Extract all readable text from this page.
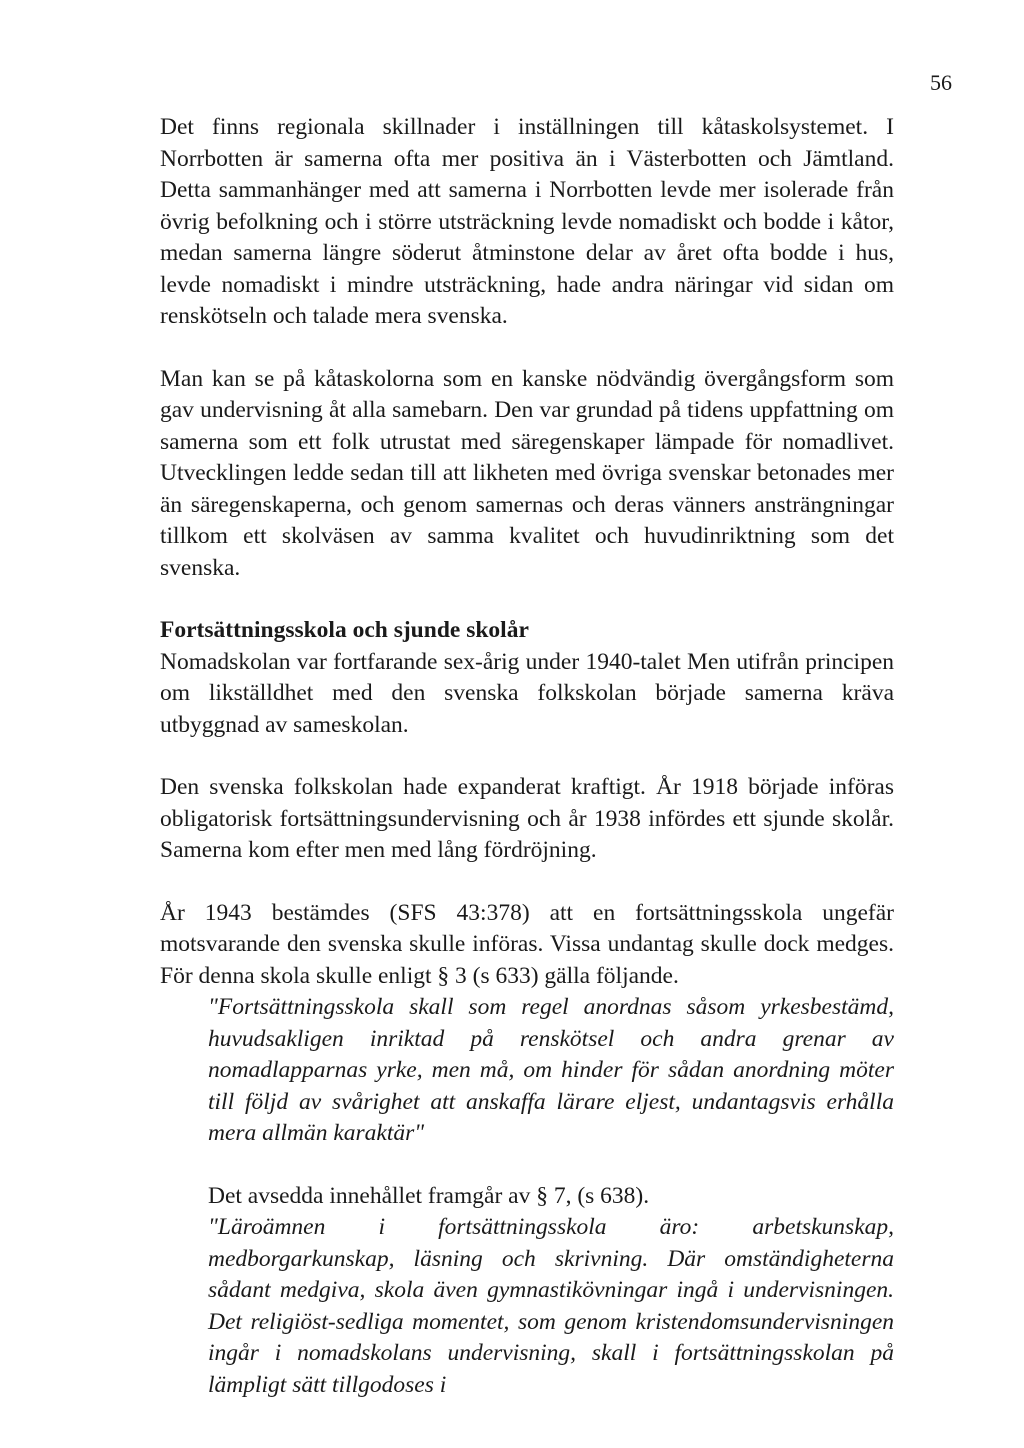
56

Det finns regionala skillnader i inställningen till kåtaskolsystemet. I Norrbotten är samerna ofta mer positiva än i Västerbotten och Jämtland. Detta sammanhänger med att samerna i Norrbotten levde mer isolerade från övrig befolkning och i större utsträckning levde nomadiskt och bodde i kåtor, medan samerna längre söderut åtminstone delar av året ofta bodde i hus, levde nomadiskt i mindre utsträckning, hade andra näringar vid sidan om renskötseln och talade mera svenska.

Man kan se på kåtaskolorna som en kanske nödvändig övergångsform som gav undervisning åt alla samebarn. Den var grundad på tidens uppfattning om samerna som ett folk utrustat med säregenskaper lämpade för nomadlivet. Utvecklingen ledde sedan till att likheten med övriga svenskar betonades mer än säregenskaperna, och genom samernas och deras vänners ansträngningar tillkom ett skolväsen av samma kvalitet och huvudinriktning som det svenska.

Fortsättningsskola och sjunde skolår

Nomadskolan var fortfarande sex-årig under 1940-talet Men utifrån principen om likställdhet med den svenska folkskolan började samerna kräva utbyggnad av sameskolan.

Den svenska folkskolan hade expanderat kraftigt. År 1918 började införas obligatorisk fortsättningsundervisning och år 1938 infördes ett sjunde skolår. Samerna kom efter men med lång fördröjning.

År 1943 bestämdes (SFS 43:378) att en fortsättningsskola ungefär motsvarande den svenska skulle införas. Vissa undantag skulle dock medges. För denna skola skulle enligt § 3 (s 633) gälla följande.

"Fortsättningsskola skall som regel anordnas såsom yrkesbestämd, huvudsakligen inriktad på renskötsel och andra grenar av nomadlapparnas yrke, men må, om hinder för sådan anordning möter till följd av svårighet att anskaffa lärare eljest, undantagsvis erhålla mera allmän karaktär"

Det avsedda innehållet framgår av § 7, (s 638).

"Läroämnen i fortsättningsskola äro: arbetskunskap, medborgarkunskap, läsning och skrivning. Där omständigheterna sådant medgiva, skola även gymnastikövningar ingå i undervisningen. Det religiöst-sedliga momentet, som genom kristendomsundervisningen ingår i nomadskolans undervisning, skall i fortsättningsskolan på lämpligt sätt tillgodoses i
